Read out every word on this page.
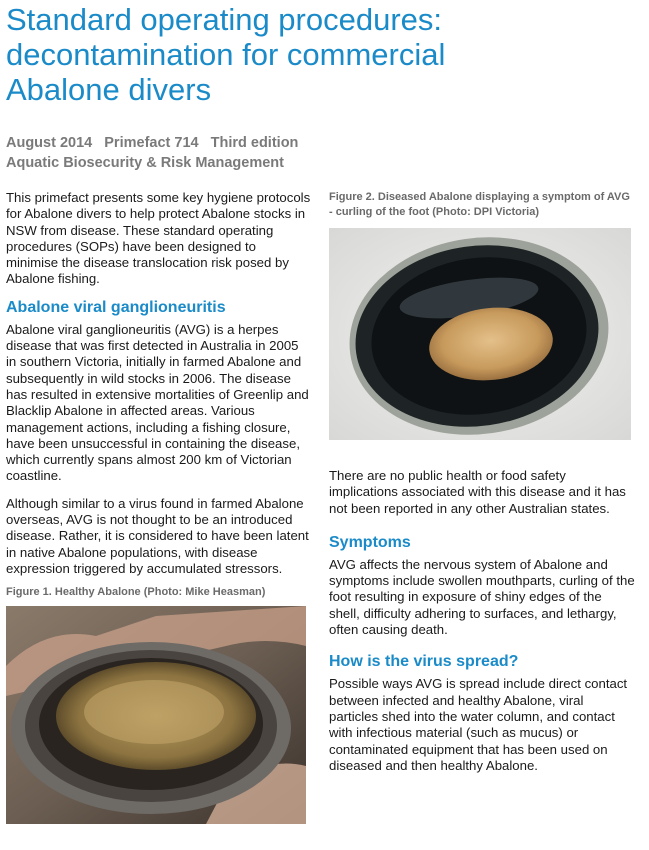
Standard operating procedures:
decontamination for commercial
Abalone divers
August 2014 Primefact 714 Third edition
Aquatic Biosecurity & Risk Management

This primefact presents some key hygiene protocols for Abalone divers to help protect Abalone stocks in NSW from disease. These standard operating procedures (SOPs) have been designed to minimise the disease translocation risk posed by Abalone fishing.

Abalone viral ganglioneuritis

Abalone viral ganglioneuritis (AVG) is a herpes disease that was first detected in Australia in 2005 in southern Victoria, initially in farmed Abalone and subsequently in wild stocks in 2006. The disease has resulted in extensive mortalities of Greenlip and Blacklip Abalone in affected areas. Various management actions, including a fishing closure, have been unsuccessful in containing the disease, which currently spans almost 200 km of Victorian coastline.

Although similar to a virus found in farmed Abalone overseas, AVG is not thought to be an introduced disease. Rather, it is considered to have been latent in native Abalone populations, with disease expression triggered by accumulated stressors.

Figure 1. Healthy Abalone (Photo: Mike Heasman)
Figure 2. Diseased Abalone displaying a symptom of AVG - curling of the foot (Photo: DPI Victoria)

There are no public health or food safety implications associated with this disease and it has not been reported in any other Australian states.

Symptoms

AVG affects the nervous system of Abalone and symptoms include swollen mouthparts, curling of the foot resulting in exposure of shiny edges of the shell, difficulty adhering to surfaces, and lethargy, often causing death.

How is the virus spread?

Possible ways AVG is spread include direct contact between infected and healthy Abalone, viral particles shed into the water column, and contact with infectious material (such as mucus) or contaminated equipment that has been used on diseased and then healthy Abalone.
